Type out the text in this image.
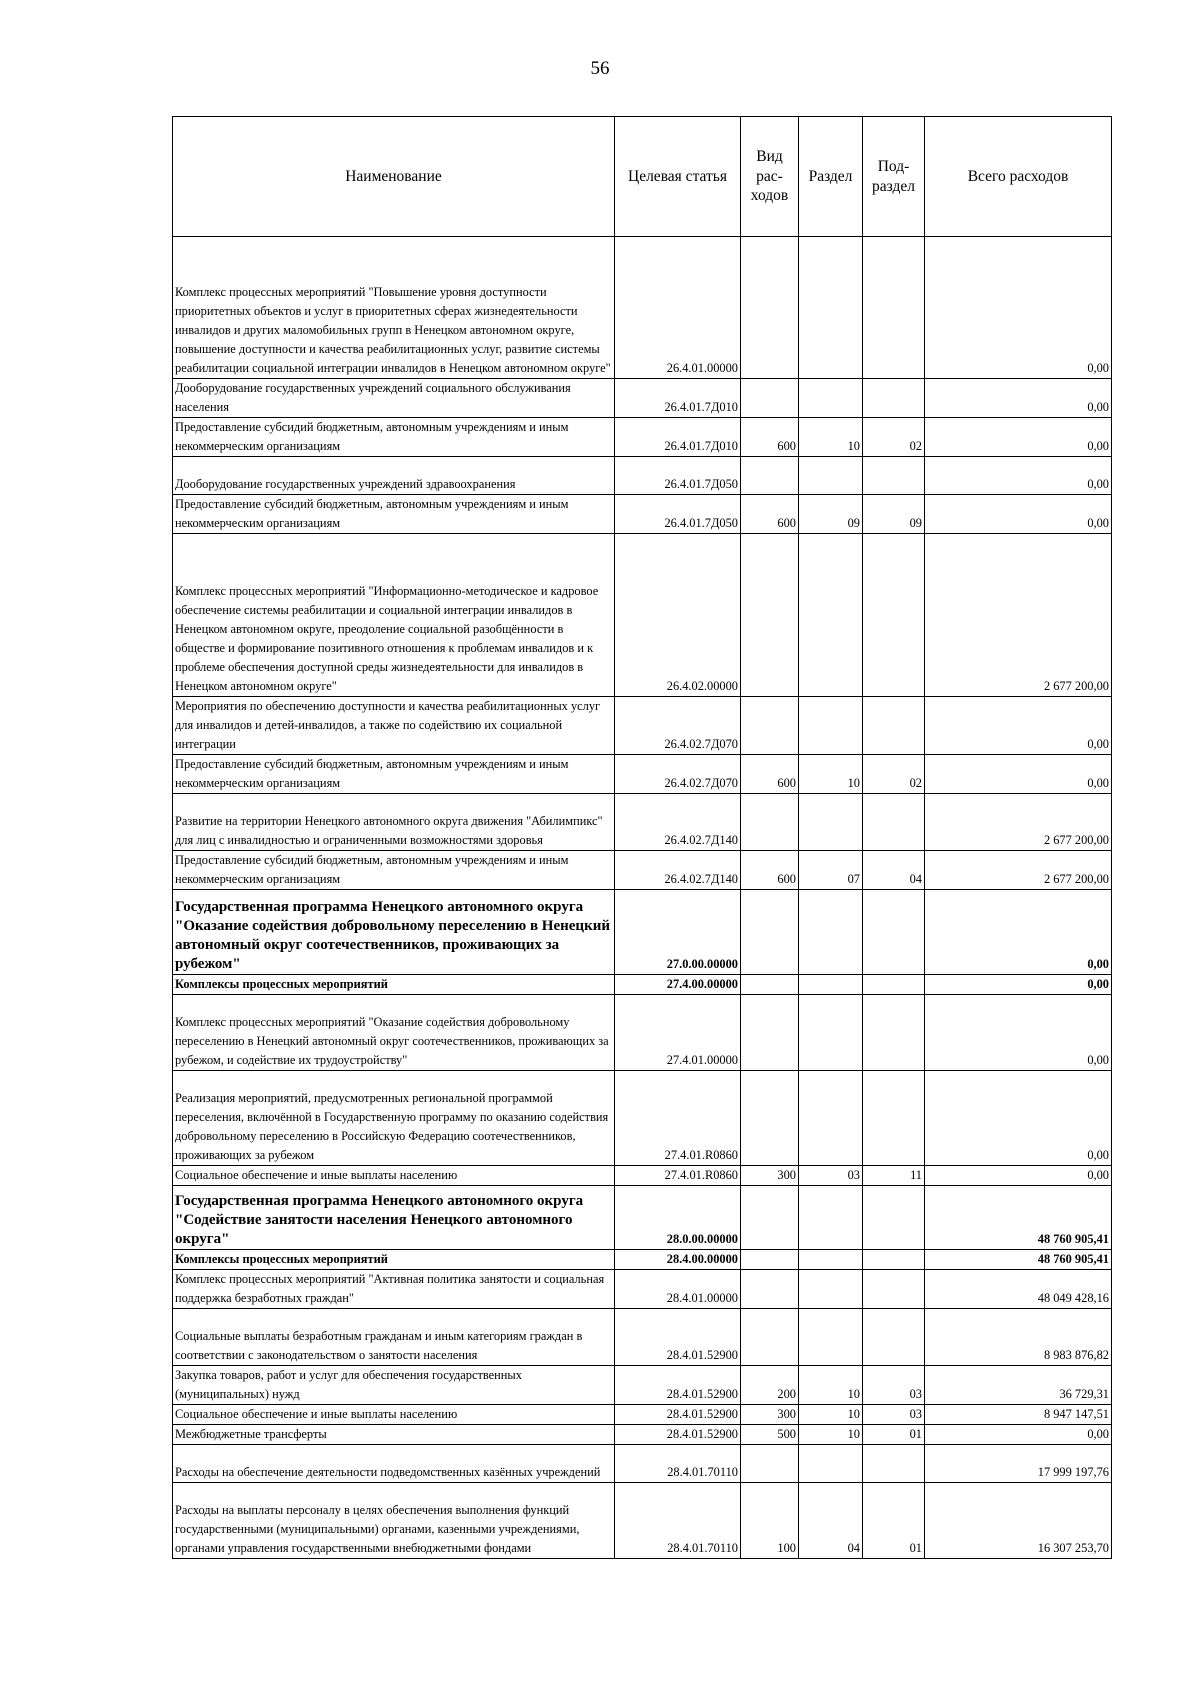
56
Наименование	Целевая статья	Вид рас-ходов	Раздел	Под-раздел	Всего расходов
Комплекс процессных мероприятий "Повышение уровня доступности приоритетных объектов и услуг в приоритетных сферах жизнедеятельности инвалидов и других маломобильных групп в Ненецком автономном округе, повышение доступности и качества реабилитационных услуг, развитие системы реабилитации социальной интеграции инвалидов в Ненецком автономном округе"	26.4.01.00000				0,00
Дооборудование государственных учреждений социального обслуживания населения	26.4.01.7Д010				0,00
Предоставление субсидий бюджетным, автономным учреждениям и иным некоммерческим организациям	26.4.01.7Д010	600	10	02	0,00
Дооборудование государственных учреждений здравоохранения	26.4.01.7Д050				0,00
Предоставление субсидий бюджетным, автономным учреждениям и иным некоммерческим организациям	26.4.01.7Д050	600	09	09	0,00
Комплекс процессных мероприятий "Информационно-методическое и кадровое обеспечение системы реабилитации и социальной интеграции инвалидов в Ненецком автономном округе, преодоление социальной разобщённости в обществе и формирование позитивного отношения к проблемам инвалидов и к проблеме обеспечения доступной среды жизнедеятельности для инвалидов в Ненецком автономном округе"	26.4.02.00000				2 677 200,00
Мероприятия по обеспечению доступности и качества реабилитационных услуг для инвалидов и детей-инвалидов, а также по содействию их социальной интеграции	26.4.02.7Д070				0,00
Предоставление субсидий бюджетным, автономным учреждениям и иным некоммерческим организациям	26.4.02.7Д070	600	10	02	0,00
Развитие на территории Ненецкого автономного округа движения "Абилимпикс" для лиц с инвалидностью и ограниченными возможностями здоровья	26.4.02.7Д140				2 677 200,00
Предоставление субсидий бюджетным, автономным учреждениям и иным некоммерческим организациям	26.4.02.7Д140	600	07	04	2 677 200,00
Государственная программа Ненецкого автономного округа "Оказание содействия добровольному переселению в Ненецкий автономный округ соотечественников, проживающих за рубежом"	27.0.00.00000				0,00
Комплексы процессных мероприятий	27.4.00.00000				0,00
Комплекс процессных мероприятий "Оказание содействия добровольному переселению в Ненецкий автономный округ соотечественников, проживающих за рубежом, и содействие их трудоустройству"	27.4.01.00000				0,00
Реализация мероприятий, предусмотренных региональной программой переселения, включённой в Государственную программу по оказанию содействия добровольному переселению в Российскую Федерацию соотечественников, проживающих за рубежом	27.4.01.R0860				0,00
Социальное обеспечение и иные выплаты населению	27.4.01.R0860	300	03	11	0,00
Государственная программа Ненецкого автономного округа "Содействие занятости населения Ненецкого автономного округа"	28.0.00.00000				48 760 905,41
Комплексы процессных мероприятий	28.4.00.00000				48 760 905,41
Комплекс процессных мероприятий "Активная политика занятости и социальная поддержка безработных граждан"	28.4.01.00000				48 049 428,16
Социальные выплаты безработным гражданам и иным категориям граждан в соответствии с законодательством о занятости населения	28.4.01.52900				8 983 876,82
Закупка товаров, работ и услуг для обеспечения государственных (муниципальных) нужд	28.4.01.52900	200	10	03	36 729,31
Социальное обеспечение и иные выплаты населению	28.4.01.52900	300	10	03	8 947 147,51
Межбюджетные трансферты	28.4.01.52900	500	10	01	0,00
Расходы на обеспечение деятельности подведомственных казённых учреждений	28.4.01.70110				17 999 197,76
Расходы на выплаты персоналу в целях обеспечения выполнения функций государственными (муниципальными) органами, казенными учреждениями, органами управления государственными внебюджетными фондами	28.4.01.70110	100	04	01	16 307 253,70
